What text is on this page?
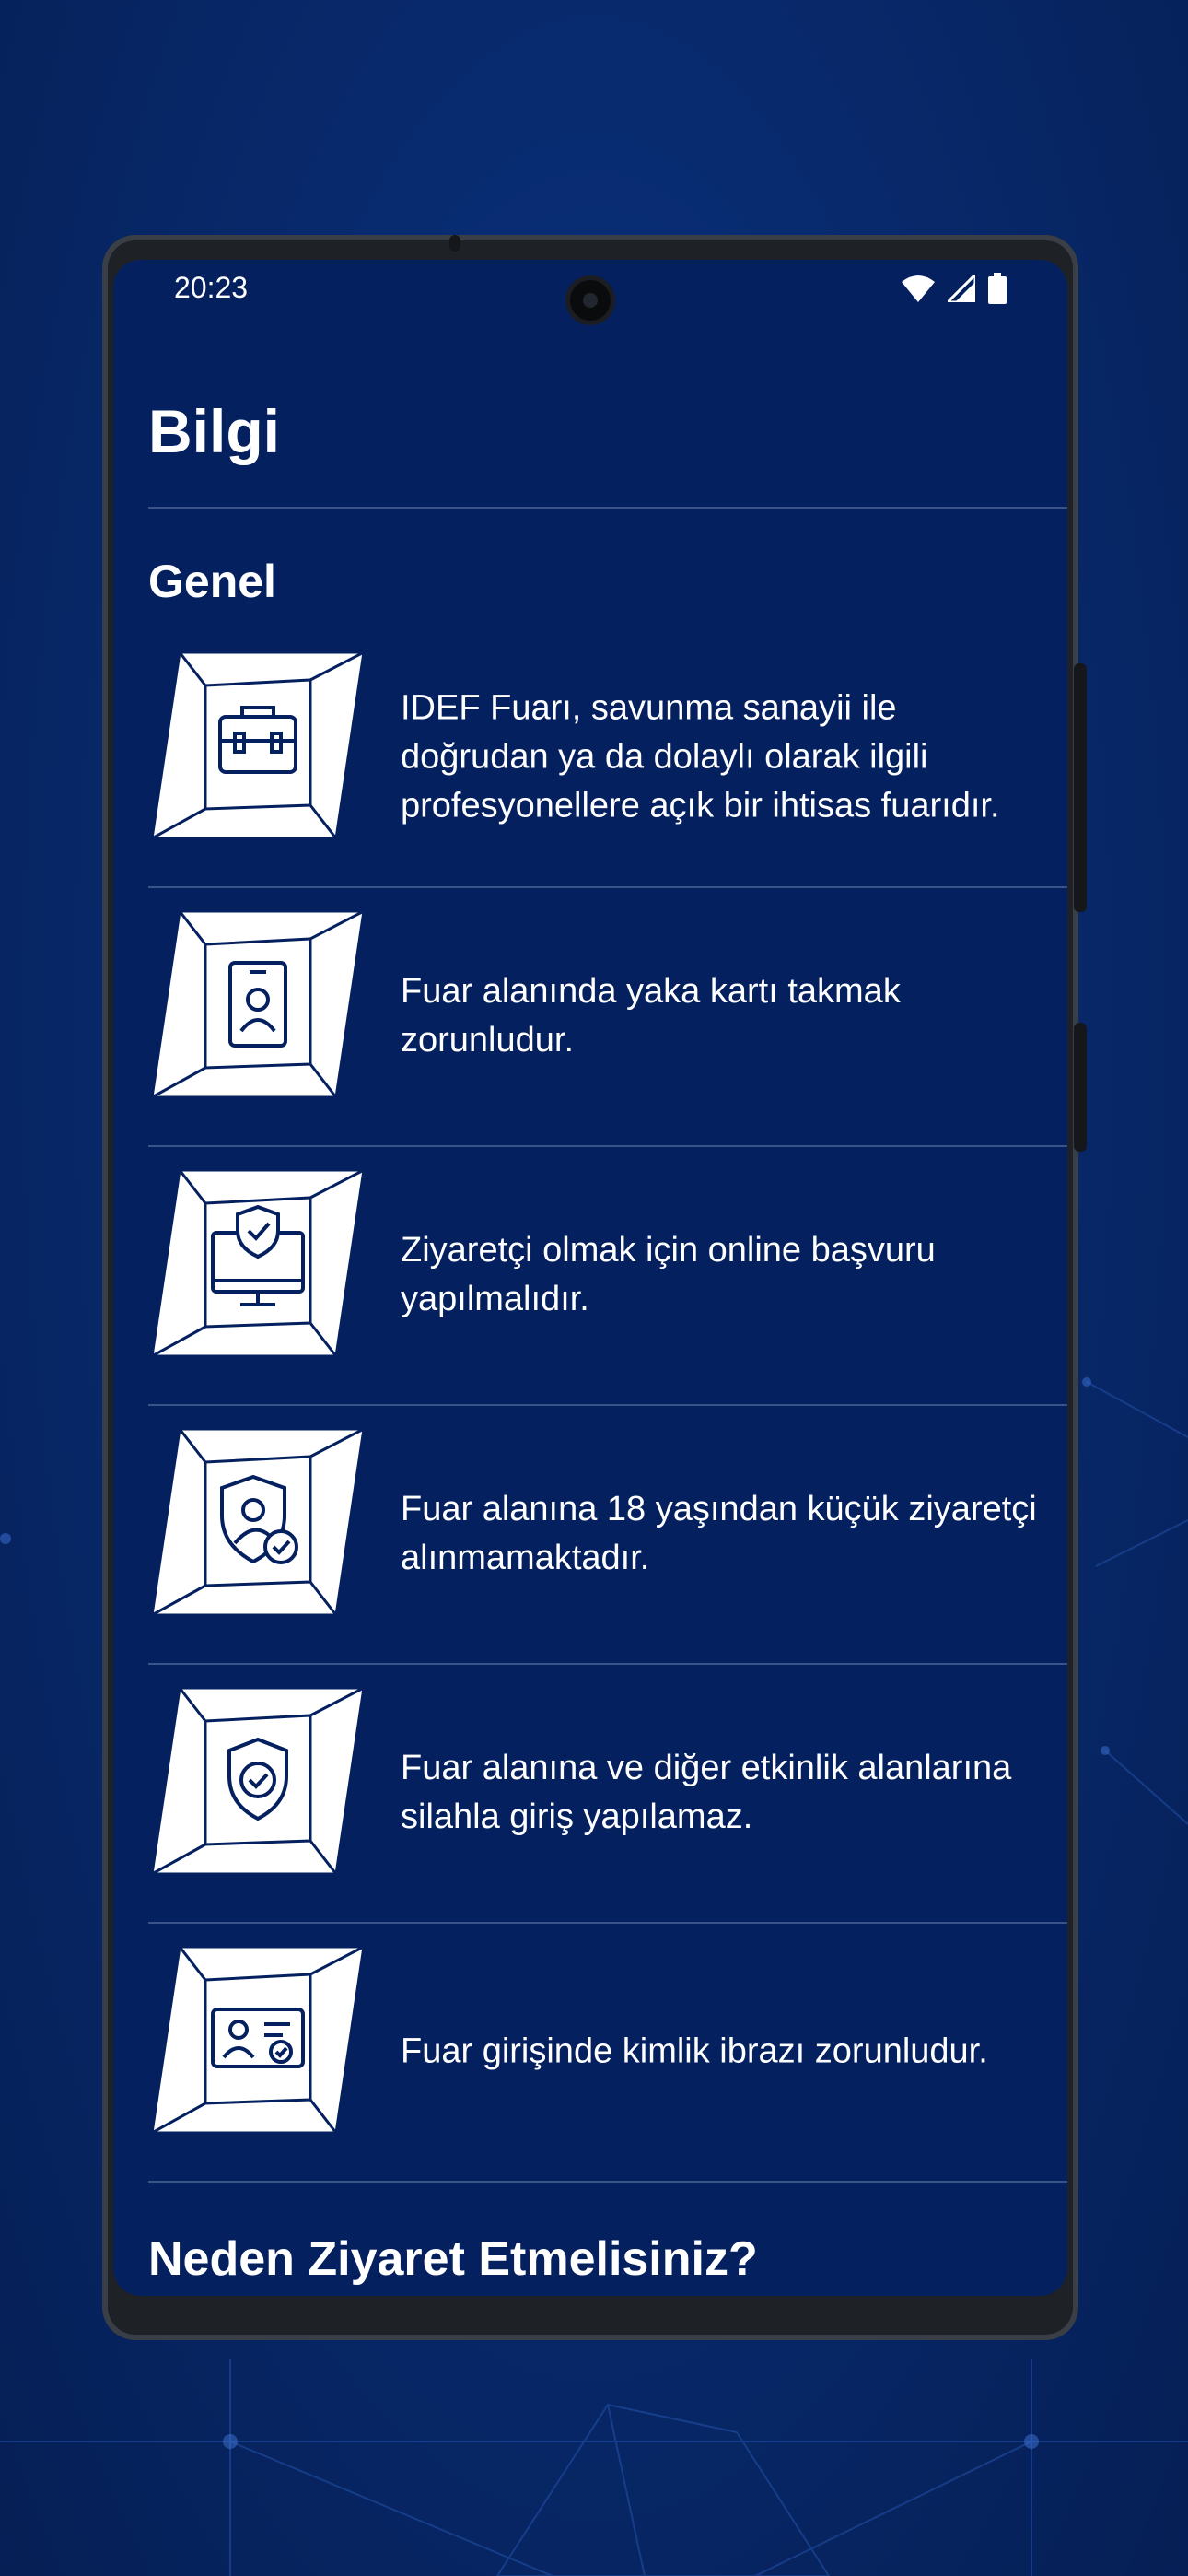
20:23
Bilgi
Genel
IDEF Fuarı, savunma sanayii ile doğrudan ya da dolaylı olarak ilgili profesyonellere açık bir ihtisas fuarıdır.
Fuar alanında yaka kartı takmak zorunludur.
Ziyaretçi olmak için online başvuru yapılmalıdır.
Fuar alanına 18 yaşından küçük ziyaretçi alınmamaktadır.
Fuar alanına ve diğer etkinlik alanlarına silahla giriş yapılamaz.
Fuar girişinde kimlik ibrazı zorunludur.
Neden Ziyaret Etmelisiniz?
